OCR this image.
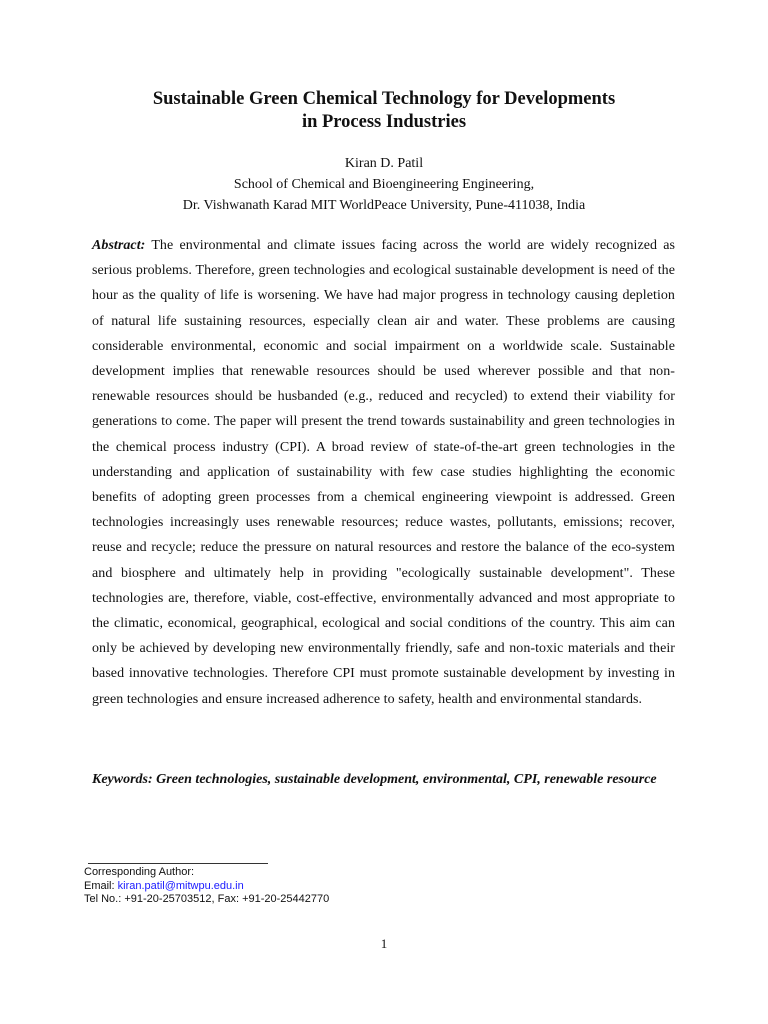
Sustainable Green Chemical Technology for Developments
in Process Industries
Kiran D. Patil
School of Chemical and Bioengineering Engineering,
Dr. Vishwanath Karad MIT WorldPeace University, Pune-411038, India

Abstract: The environmental and climate issues facing across the world are widely recognized as serious problems. Therefore, green technologies and ecological sustainable development is need of the hour as the quality of life is worsening. We have had major progress in technology causing depletion of natural life sustaining resources, especially clean air and water. These problems are causing considerable environmental, economic and social impairment on a worldwide scale. Sustainable development implies that renewable resources should be used wherever possible and that non-renewable resources should be husbanded (e.g., reduced and recycled) to extend their viability for generations to come. The paper will present the trend towards sustainability and green technologies in the chemical process industry (CPI). A broad review of state-of-the-art green technologies in the understanding and application of sustainability with few case studies highlighting the economic benefits of adopting green processes from a chemical engineering viewpoint is addressed. Green technologies increasingly uses renewable resources; reduce wastes, pollutants, emissions; recover, reuse and recycle; reduce the pressure on natural resources and restore the balance of the eco-system and biosphere and ultimately help in providing "ecologically sustainable development". These technologies are, therefore, viable, cost-effective, environmentally advanced and most appropriate to the climatic, economical, geographical, ecological and social conditions of the country. This aim can only be achieved by developing new environmentally friendly, safe and non-toxic materials and their based innovative technologies. Therefore CPI must promote sustainable development by investing in green technologies and ensure increased adherence to safety, health and environmental standards.

Keywords: Green technologies, sustainable development, environmental, CPI, renewable resource

Corresponding Author:
Email: kiran.patil@mitwpu.edu.in
Tel No.: +91-20-25703512, Fax: +91-20-25442770
1
